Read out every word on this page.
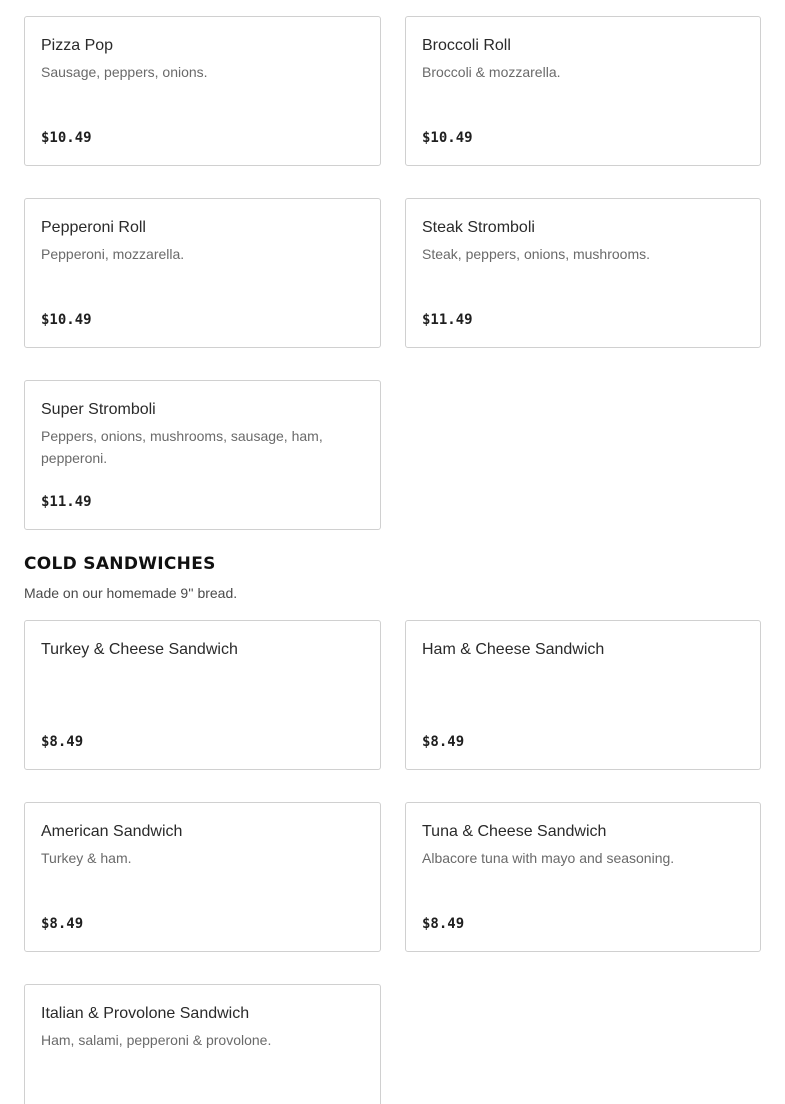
Pizza Pop
Sausage, peppers, onions.
$10.49
Broccoli Roll
Broccoli & mozzarella.
$10.49
Pepperoni Roll
Pepperoni, mozzarella.
$10.49
Steak Stromboli
Steak, peppers, onions, mushrooms.
$11.49
Super Stromboli
Peppers, onions, mushrooms, sausage, ham, pepperoni.
$11.49
COLD SANDWICHES
Made on our homemade 9'' bread.
Turkey & Cheese Sandwich
$8.49
Ham & Cheese Sandwich
$8.49
American Sandwich
Turkey & ham.
$8.49
Tuna & Cheese Sandwich
Albacore tuna with mayo and seasoning.
$8.49
Italian & Provolone Sandwich
Ham, salami, pepperoni & provolone.
